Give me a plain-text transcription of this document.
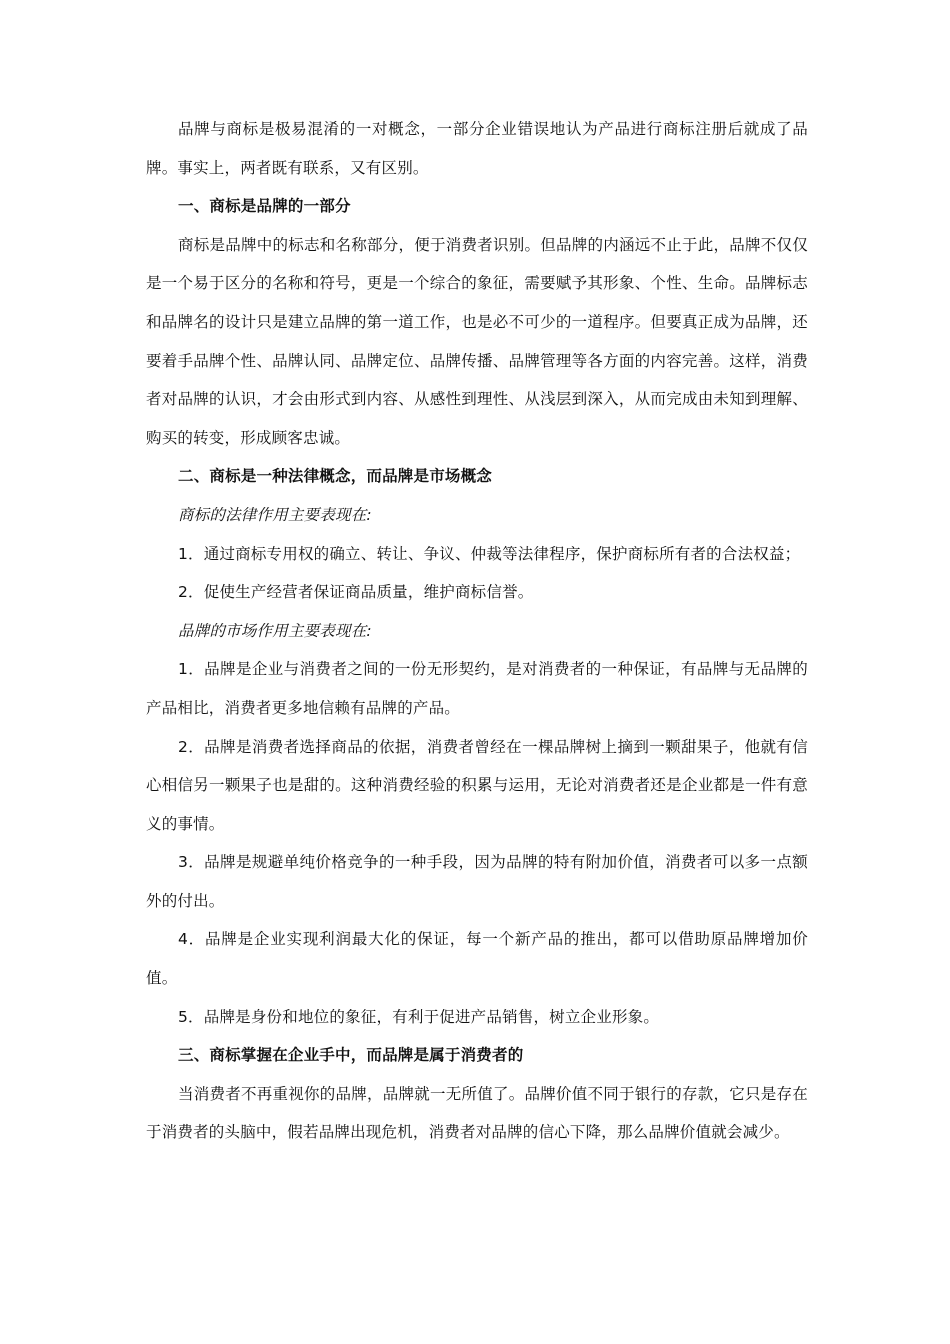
品牌与商标是极易混淆的一对概念，一部分企业错误地认为产品进行商标注册后就成了品牌。事实上，两者既有联系，又有区别。

一、商标是品牌的一部分

商标是品牌中的标志和名称部分，便于消费者识别。但品牌的内涵远不止于此，品牌不仅仅是一个易于区分的名称和符号，更是一个综合的象征，需要赋予其形象、个性、生命。品牌标志和品牌名的设计只是建立品牌的第一道工作，也是必不可少的一道程序。但要真正成为品牌，还要着手品牌个性、品牌认同、品牌定位、品牌传播、品牌管理等各方面的内容完善。这样，消费者对品牌的认识，才会由形式到内容、从感性到理性、从浅层到深入，从而完成由未知到理解、购买的转变，形成顾客忠诚。

二、商标是一种法律概念，而品牌是市场概念

商标的法律作用主要表现在:

1．通过商标专用权的确立、转让、争议、仲裁等法律程序，保护商标所有者的合法权益；

2．促使生产经营者保证商品质量，维护商标信誉。

品牌的市场作用主要表现在:

1．品牌是企业与消费者之间的一份无形契约，是对消费者的一种保证，有品牌与无品牌的产品相比，消费者更多地信赖有品牌的产品。

2．品牌是消费者选择商品的依据，消费者曾经在一棵品牌树上摘到一颗甜果子，他就有信心相信另一颗果子也是甜的。这种消费经验的积累与运用，无论对消费者还是企业都是一件有意义的事情。

3．品牌是规避单纯价格竞争的一种手段，因为品牌的特有附加价值，消费者可以多一点额外的付出。

4．品牌是企业实现利润最大化的保证，每一个新产品的推出，都可以借助原品牌增加价值。

5．品牌是身份和地位的象征，有利于促进产品销售，树立企业形象。

三、商标掌握在企业手中，而品牌是属于消费者的

当消费者不再重视你的品牌，品牌就一无所值了。品牌价值不同于银行的存款，它只是存在于消费者的头脑中，假若品牌出现危机，消费者对品牌的信心下降，那么品牌价值就会减少。
